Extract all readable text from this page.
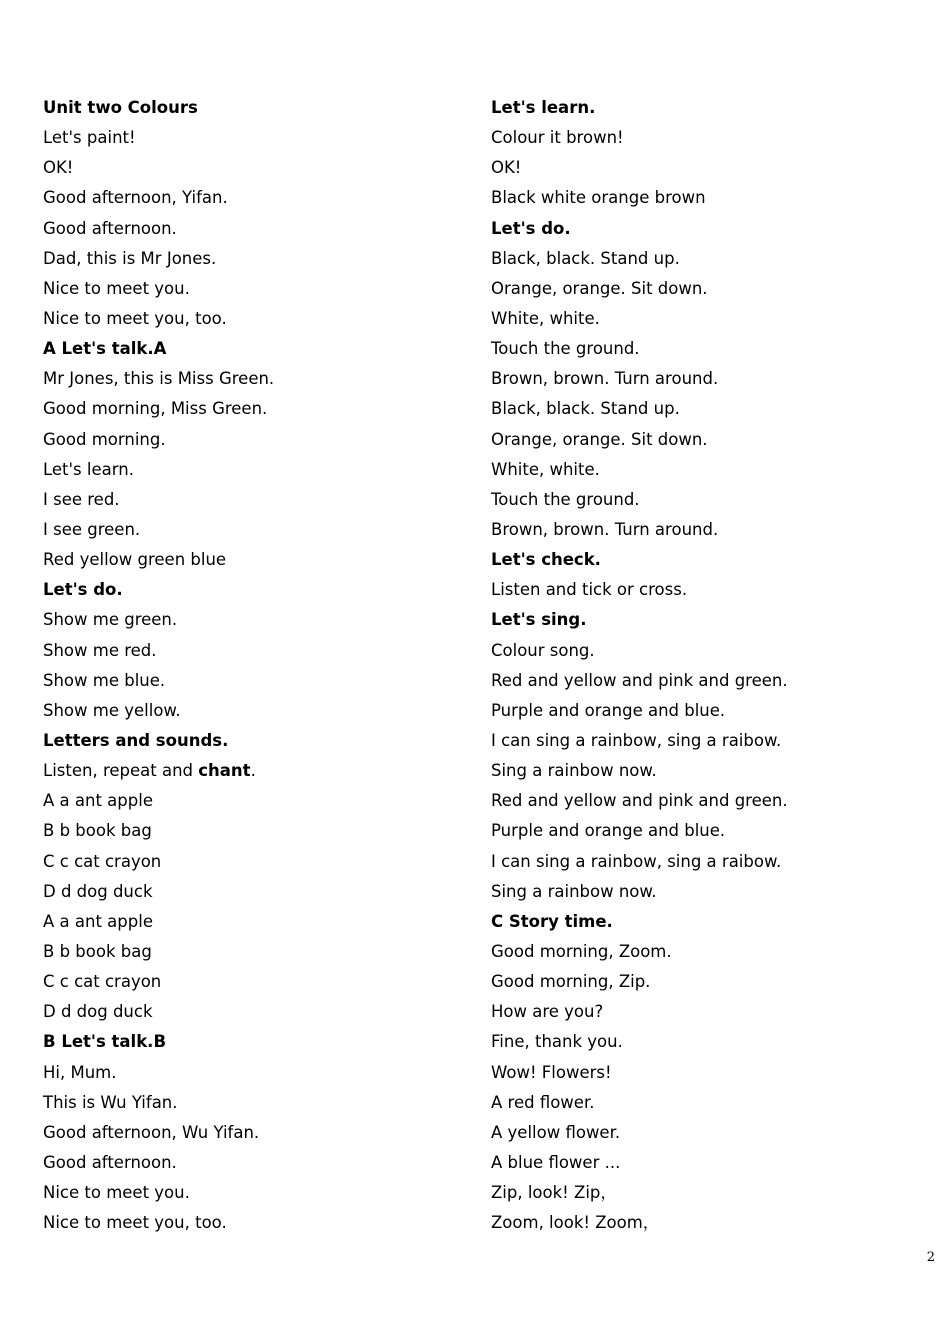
Unit two Colours
Let's paint!
OK!
Good afternoon, Yifan.
Good afternoon.
Dad, this is Mr Jones.
Nice to meet you.
Nice to meet you, too.
A Let's talk.A
Mr Jones, this is Miss Green.
Good morning, Miss Green.
Good morning.
Let's learn.
I see red.
I see green.
Red yellow green blue
Let's do.
Show me green.
Show me red.
Show me blue.
Show me yellow.
Letters and sounds.
Listen, repeat and chant.
A a ant apple
B b book bag
C c cat crayon
D d dog duck
A a ant apple
B b book bag
C c cat crayon
D d dog duck
B Let's talk.B
Hi, Mum.
This is Wu Yifan.
Good afternoon, Wu Yifan.
Good afternoon.
Nice to meet you.
Nice to meet you, too.
Let's learn.
Colour it brown!
OK!
Black white orange brown
Let's do.
Black, black. Stand up.
Orange, orange. Sit down.
White, white.
Touch the ground.
Brown, brown. Turn around.
Black, black. Stand up.
Orange, orange. Sit down.
White, white.
Touch the ground.
Brown, brown. Turn around.
Let's check.
Listen and tick or cross.
Let's sing.
Colour song.
Red and yellow and pink and green.
Purple and orange and blue.
I can sing a rainbow, sing a raibow.
Sing a rainbow now.
Red and yellow and pink and green.
Purple and orange and blue.
I can sing a rainbow, sing a raibow.
Sing a rainbow now.
C Story time.
Good morning, Zoom.
Good morning, Zip.
How are you?
Fine, thank you.
Wow! Flowers!
A red flower.
A yellow flower.
A blue flower ...
Zip, look! Zip，
Zoom, look! Zoom，
2
